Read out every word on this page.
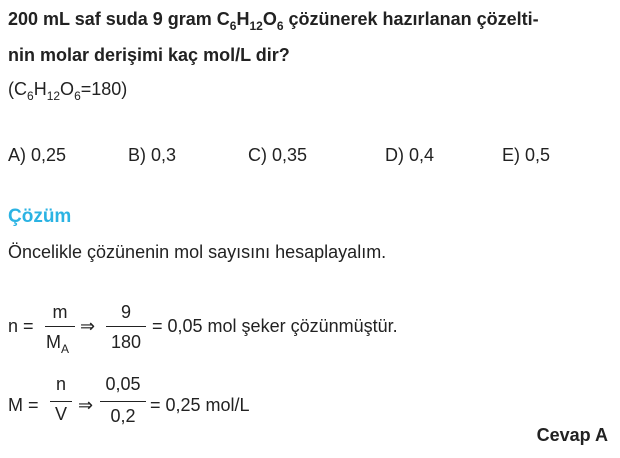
200 mL saf suda 9 gram $C_6H_{12}O_6$ çözünerek hazırlanan çözelti-
nin molar derişimi kaç mol/L dir?
$(C_6H_{12}O_6=180)$
A) 0,25	B) 0,3	C) 0,35	D) 0,4	E) 0,5
Çözüm
Öncelikle çözünenin mol sayısını hesaplayalım.
n =
m
$M_A$
⇒
9
180
= 0,05 mol şeker çözünmüştür.
M =
n
V ⇒
0,05
0,2
= 0,25 mol/L
Cevap A
